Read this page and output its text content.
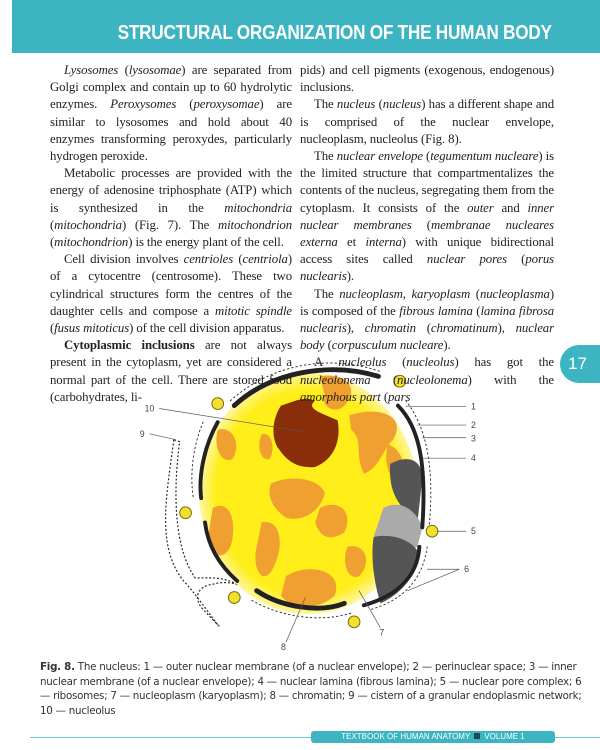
STRUCTURAL ORGANIZATION OF THE HUMAN BODY

Lysosomes (lysosomae) are separated from Golgi complex and contain up to 60 hydrolytic enzymes. Peroxysomes (peroxysomae) are similar to lysosomes and hold about 40 enzymes transforming peroxydes, particularly hydrogen peroxide.

Metabolic processes are provided with the energy of adenosine triphosphate (ATP) which is synthesized in the mitochondria (mitochondria) (Fig. 7). The mitochondrion (mitochondrion) is the energy plant of the cell.

Cell division involves centrioles (centriola) of a cytocentre (centrosome). These two cylindrical structures form the centres of the daughter cells and compose a mitotic spindle (fusus mitoticus) of the cell division apparatus.

Cytoplasmic inclusions are not always present in the cytoplasm, yet are considered a normal part of the cell. There are stored food (carbohydrates, li-

pids) and cell pigments (exogenous, endogenous) inclusions.

The nucleus (nucleus) has a different shape and is comprised of the nuclear envelope, nucleoplasm, nucleolus (Fig. 8).

The nuclear envelope (tegumentum nucleare) is the limited structure that compartmentalizes the contents of the nucleus, segregating them from the cytoplasm. It consists of the outer and inner nuclear membranes (membranae nucleares externa et interna) with unique bidirectional access sites called nuclear pores (porus nuclearis).

The nucleoplasm, karyoplasm (nucleoplasma) is composed of the fibrous lamina (lamina fibrosa nuclearis), chromatin (chromatinum), nuclear body (corpusculum nucleare).

A nucleolus (nucleolus) has got the nucleolonema (nucleolonema) with the amorphous part (pars

17
1
2
3
4
5
6
7
8
9
10
Fig. 8. The nucleus: 1 — outer nuclear membrane (of a nuclear envelope); 2 — perinuclear space; 3 — inner nuclear membrane (of a nuclear envelope); 4 — nuclear lamina (fibrous lamina); 5 — nuclear pore complex; 6 — ribosomes; 7 — nucleoplasm (karyoplasm); 8 — chromatin; 9 — cistern of a granular endoplasmic network; 10 — nucleolus
TEXTBOOK OF HUMAN ANATOMY VOLUME 1
